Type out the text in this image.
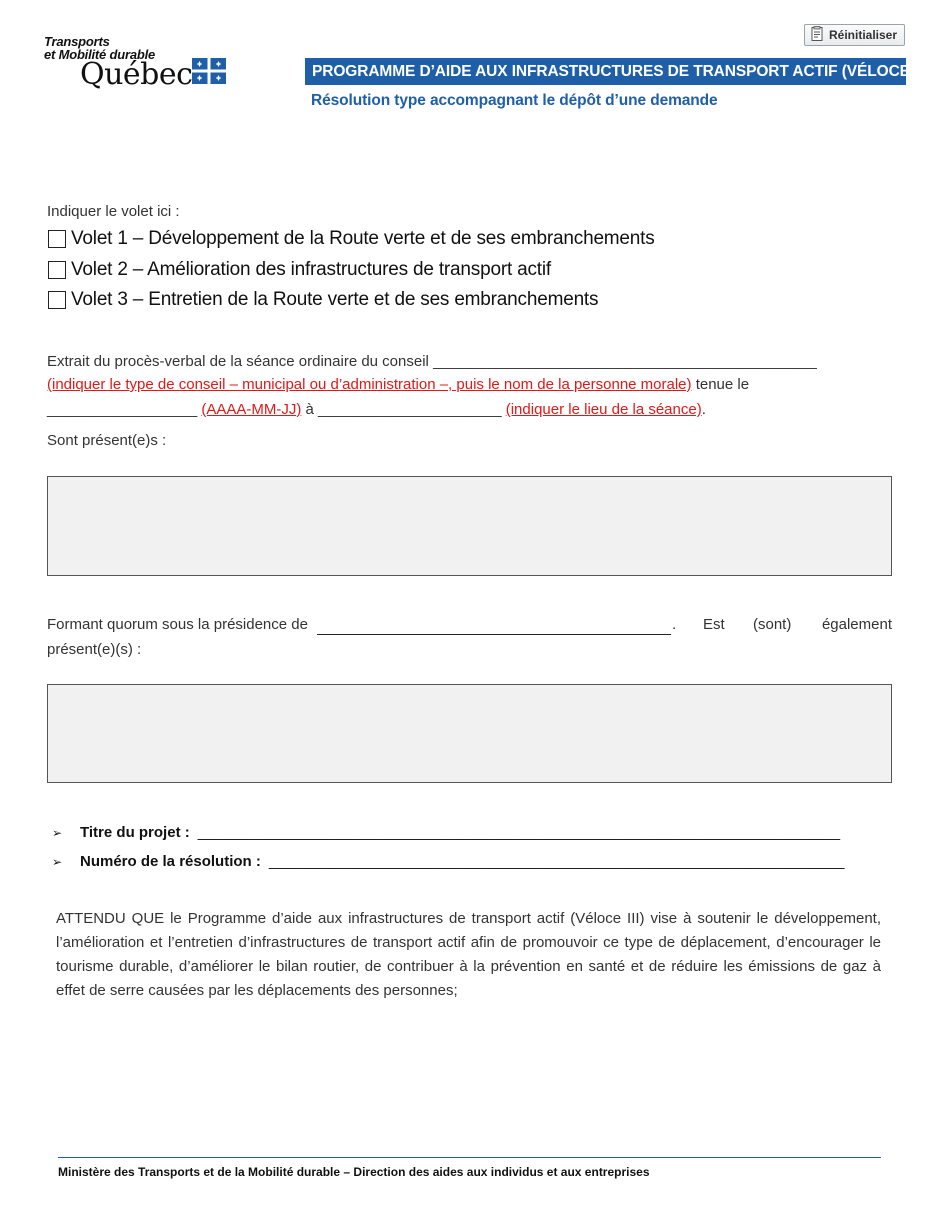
Transports
et Mobilité durable
Québec
Réinitialiser
PROGRAMME D’AIDE AUX INFRASTRUCTURES DE TRANSPORT ACTIF (VÉLOCE III)
Résolution type accompagnant le dépôt d’une demande
Indiquer le volet ici :
Volet 1 – Développement de la Route verte et de ses embranchements
Volet 2 – Amélioration des infrastructures de transport actif
Volet 3 – Entretien de la Route verte et de ses embranchements
Extrait du procès-verbal de la séance ordinaire du conseil ______________________________________________
(indiquer le type de conseil – municipal ou d’administration –, puis le nom de la personne morale) tenue le
__________________ (AAAA-MM-JJ) à ______________________ (indiquer le lieu de la séance).
Sont présent(e)s :
Formant quorum sous la présidence de	. Est (sont) également
présent(e)(s) :
➢	Titre du projet : _____________________________________________________________________________
➢	Numéro de la résolution : _____________________________________________________________________
ATTENDU QUE le Programme d’aide aux infrastructures de transport actif (Véloce III) vise à soutenir le développement, l’amélioration et l’entretien d’infrastructures de transport actif afin de promouvoir ce type de déplacement, d’encourager le tourisme durable, d’améliorer le bilan routier, de contribuer à la prévention en santé et de réduire les émissions de gaz à effet de serre causées par les déplacements des personnes;
Ministère des Transports et de la Mobilité durable – Direction des aides aux individus et aux entreprises
